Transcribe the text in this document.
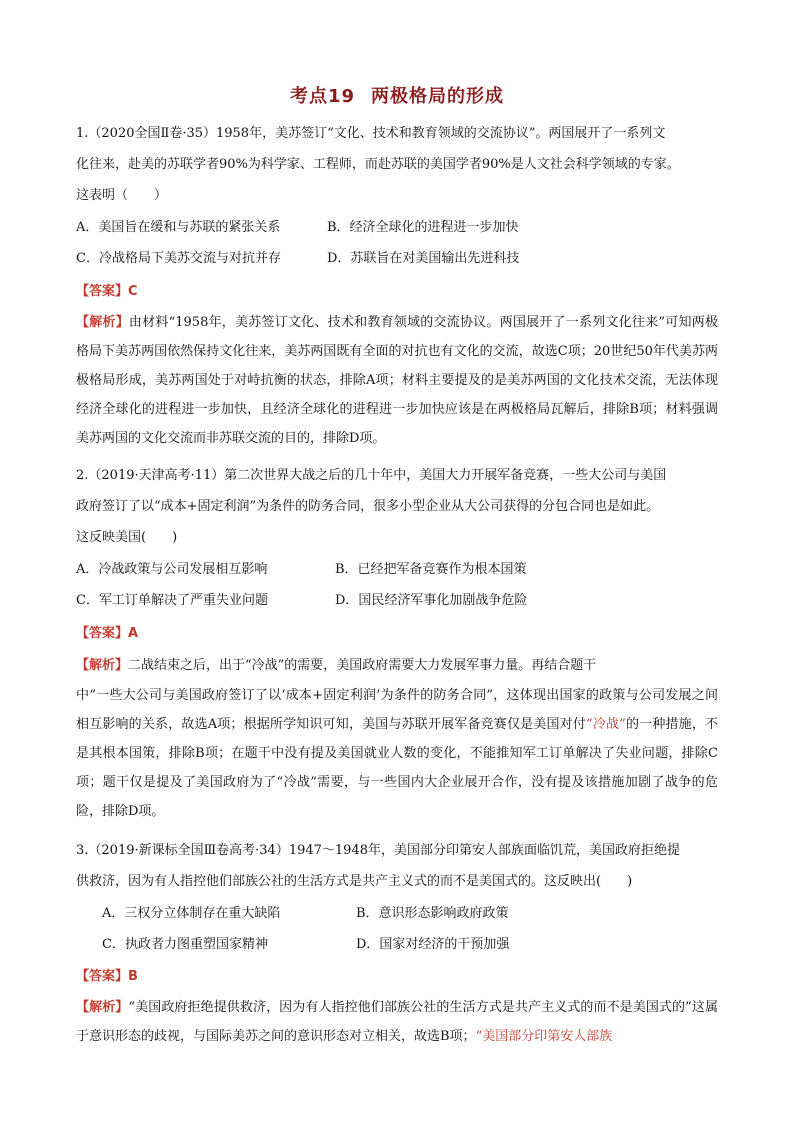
考点19 两极格局的形成
1.（2020全国Ⅱ卷·35）1958年，美苏签订“文化、技术和教育领域的交流协议”。两国展开了一系列文
化往来，赴美的苏联学者90%为科学家、工程师，而赴苏联的美国学者90%是人文社会科学领域的专家。
这表明（　　）
A．美国旨在缓和与苏联的紧张关系	B．经济全球化的进程进一步加快
C．冷战格局下美苏交流与对抗并存	D．苏联旨在对美国输出先进科技
【答案】C
【解析】由材料“1958年，美苏签订文化、技术和教育领域的交流协议。两国展开了一系列文化往来”可知两极格局下美苏两国依然保持文化往来，美苏两国既有全面的对抗也有文化的交流，故选C项；20世纪50年代美苏两极格局形成，美苏两国处于对峙抗衡的状态，排除A项；材料主要提及的是美苏两国的文化技术交流，无法体现经济全球化的进程进一步加快，且经济全球化的进程进一步加快应该是在两极格局瓦解后，排除B项；材料强调美苏两国的文化交流而非苏联交流的目的，排除D项。
2.（2019·天津高考·11）第二次世界大战之后的几十年中，美国大力开展军备竞赛，一些大公司与美国
政府签订了以“成本+固定利润”为条件的防务合同，很多小型企业从大公司获得的分包合同也是如此。
这反映美国(　　)
A．冷战政策与公司发展相互影响	B．已经把军备竞赛作为根本国策
C．军工订单解决了严重失业问题	D．国民经济军事化加剧战争危险
【答案】A
【解析】二战结束之后，出于“冷战”的需要，美国政府需要大力发展军事力量。再结合题干
中“一些大公司与美国政府签订了以‘成本+固定利润’为条件的防务合同”，这体现出国家的政策与公司发展之间相互影响的关系，故选A项；根据所学知识可知，美国与苏联开展军备竞赛仅是美国对付“冷战”的一种措施，不是其根本国策，排除B项；在题干中没有提及美国就业人数的变化，不能推知军工订单解决了失业问题，排除C项；题干仅是提及了美国政府为了“冷战”需要，与一些国内大企业展开合作，没有提及该措施加剧了战争的危险，排除D项。
3.（2019·新课标全国Ⅲ卷高考·34）1947～1948年，美国部分印第安人部族面临饥荒，美国政府拒绝提
供救济，因为有人指控他们部族公社的生活方式是共产主义式的而不是美国式的。这反映出(　　)
A．三权分立体制存在重大缺陷	B．意识形态影响政府政策
C．执政者力图重塑国家精神	D．国家对经济的干预加强
【答案】B
【解析】“美国政府拒绝提供救济，因为有人指控他们部族公社的生活方式是共产主义式的而不是美国式的”这属于意识形态的歧视，与国际美苏之间的意识形态对立相关，故选B项；“美国部分印第安人部族
